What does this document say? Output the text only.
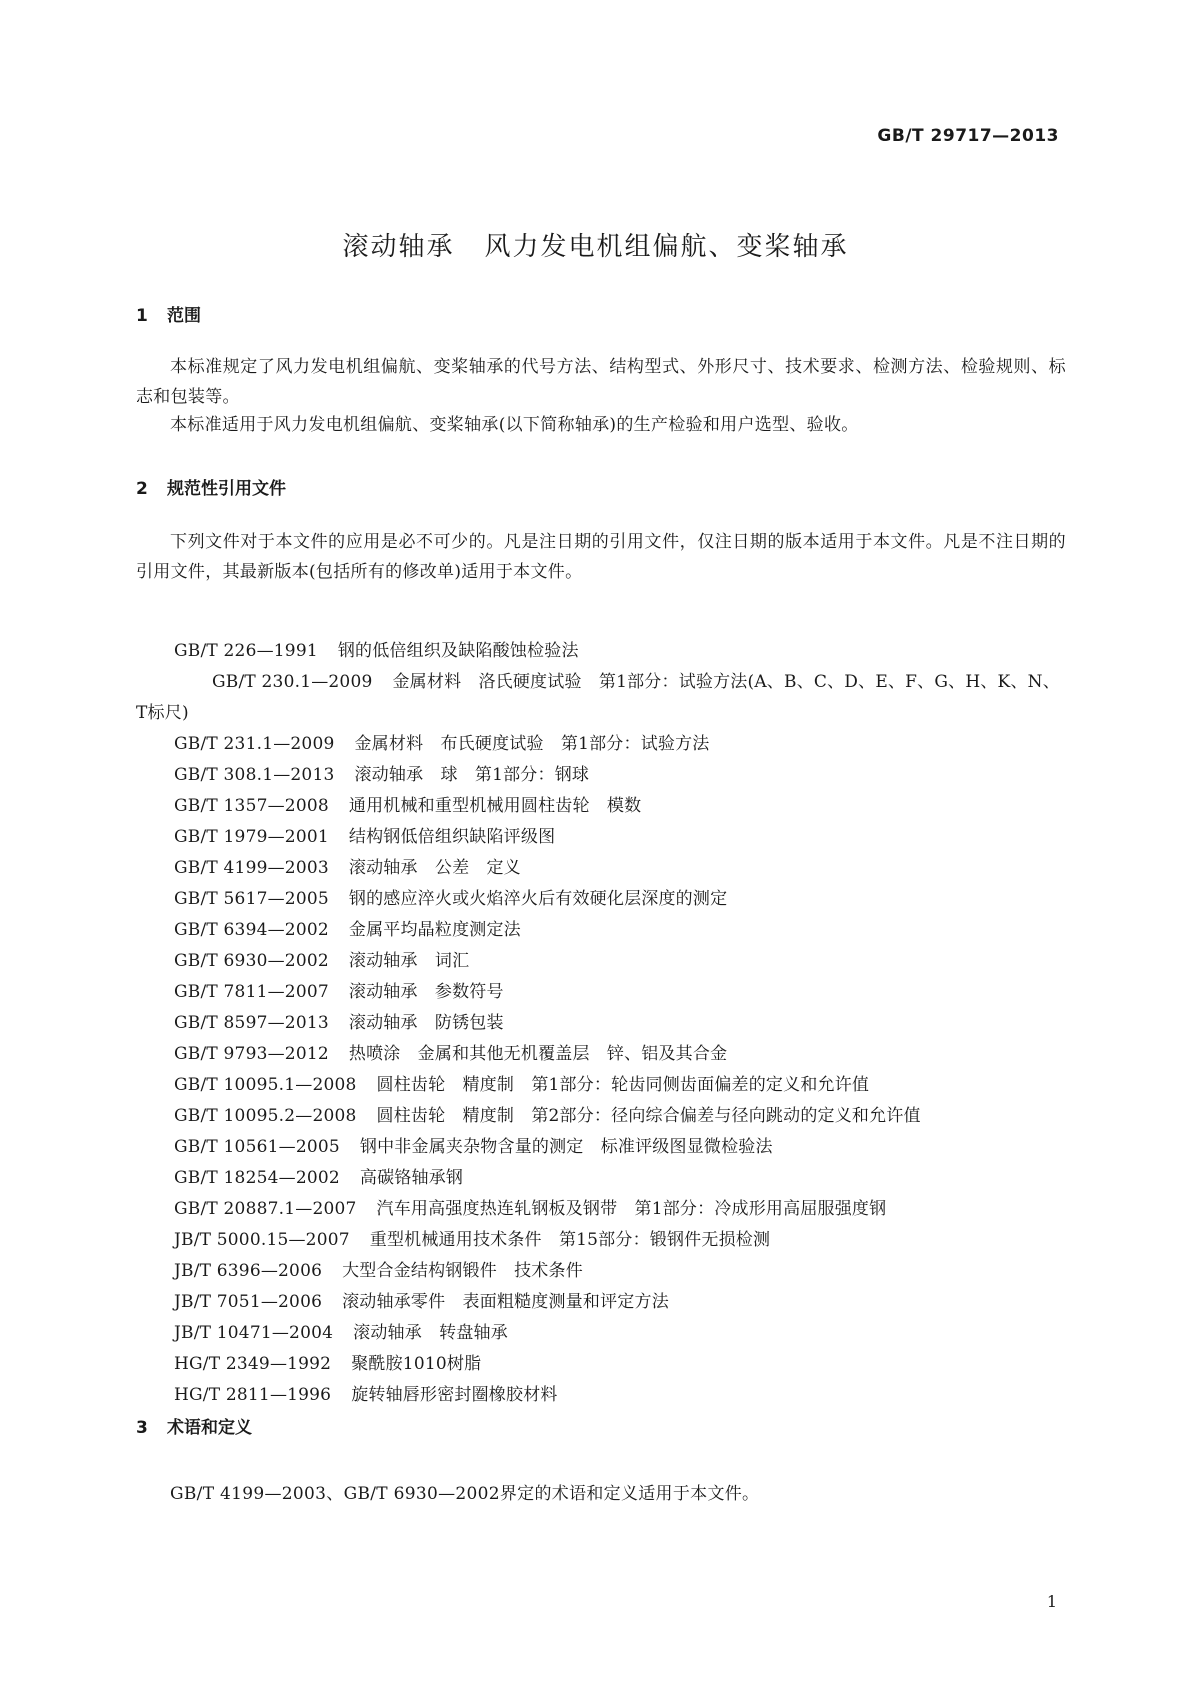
GB/T 29717—2013
滚动轴承 风力发电机组偏航、变桨轴承
1 范围
本标准规定了风力发电机组偏航、变桨轴承的代号方法、结构型式、外形尺寸、技术要求、检测方法、检验规则、标志和包装等。
本标准适用于风力发电机组偏航、变桨轴承(以下简称轴承)的生产检验和用户选型、验收。
2 规范性引用文件
下列文件对于本文件的应用是必不可少的。凡是注日期的引用文件，仅注日期的版本适用于本文件。凡是不注日期的引用文件，其最新版本(包括所有的修改单)适用于本文件。
GB/T 226—1991 钢的低倍组织及缺陷酸蚀检验法
GB/T 230.1—2009 金属材料　洛氏硬度试验　第1部分：试验方法(A、B、C、D、E、F、G、H、K、N、T标尺)
GB/T 231.1—2009 金属材料　布氏硬度试验　第1部分：试验方法
GB/T 308.1—2013 滚动轴承　球　第1部分：钢球
GB/T 1357—2008 通用机械和重型机械用圆柱齿轮　模数
GB/T 1979—2001 结构钢低倍组织缺陷评级图
GB/T 4199—2003 滚动轴承　公差　定义
GB/T 5617—2005 钢的感应淬火或火焰淬火后有效硬化层深度的测定
GB/T 6394—2002 金属平均晶粒度测定法
GB/T 6930—2002 滚动轴承　词汇
GB/T 7811—2007 滚动轴承　参数符号
GB/T 8597—2013 滚动轴承　防锈包装
GB/T 9793—2012 热喷涂　金属和其他无机覆盖层　锌、铝及其合金
GB/T 10095.1—2008 圆柱齿轮　精度制　第1部分：轮齿同侧齿面偏差的定义和允许值
GB/T 10095.2—2008 圆柱齿轮　精度制　第2部分：径向综合偏差与径向跳动的定义和允许值
GB/T 10561—2005 钢中非金属夹杂物含量的测定　标准评级图显微检验法
GB/T 18254—2002 高碳铬轴承钢
GB/T 20887.1—2007 汽车用高强度热连轧钢板及钢带　第1部分：冷成形用高屈服强度钢
JB/T 5000.15—2007 重型机械通用技术条件　第15部分：锻钢件无损检测
JB/T 6396—2006 大型合金结构钢锻件　技术条件
JB/T 7051—2006 滚动轴承零件　表面粗糙度测量和评定方法
JB/T 10471—2004 滚动轴承　转盘轴承
HG/T 2349—1992 聚酰胺1010树脂
HG/T 2811—1996 旋转轴唇形密封圈橡胶材料
3 术语和定义
GB/T 4199—2003、GB/T 6930—2002界定的术语和定义适用于本文件。
1
